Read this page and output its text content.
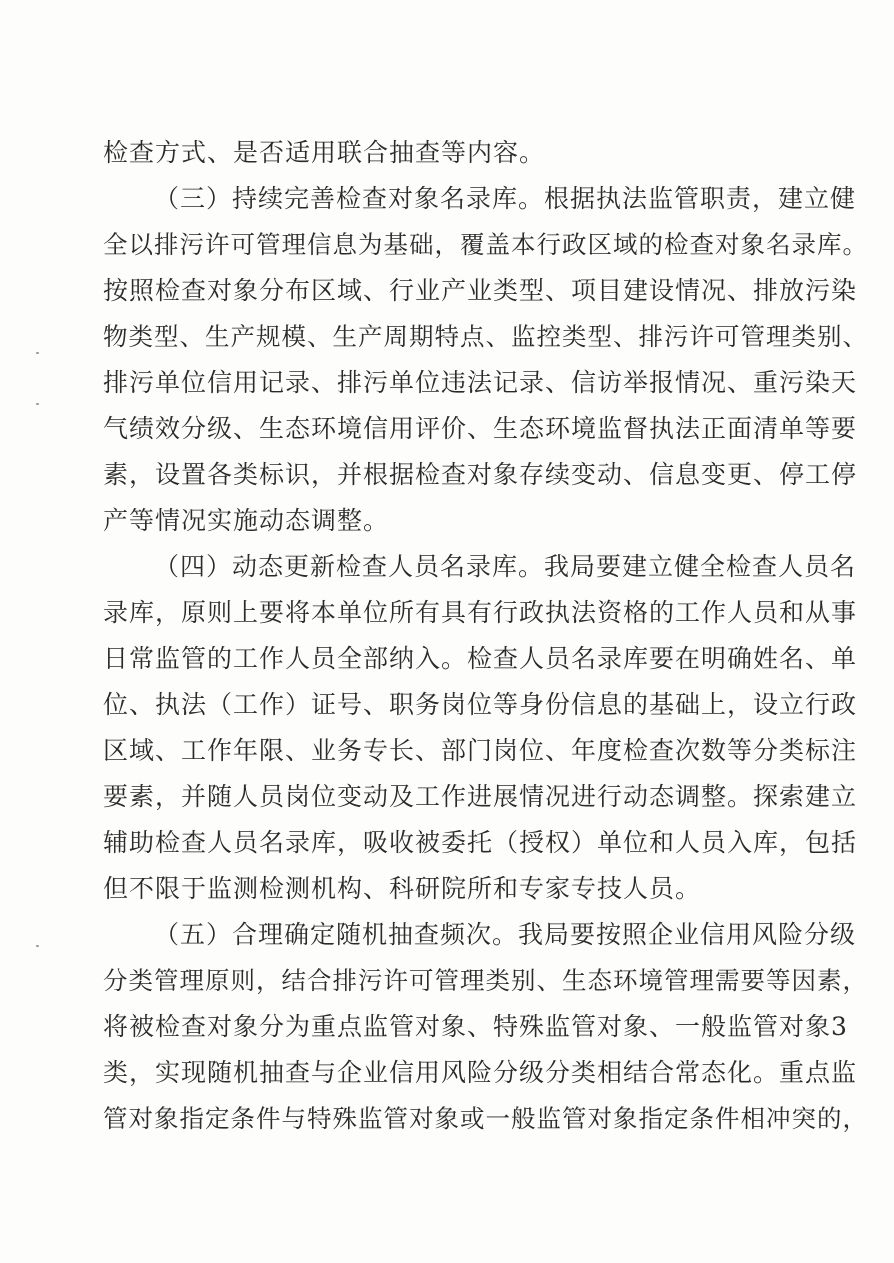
检查方式、是否适用联合抽查等内容。
（三）持续完善检查对象名录库。根据执法监管职责，建立健
全以排污许可管理信息为基础，覆盖本行政区域的检查对象名录库。
按照检查对象分布区域、行业产业类型、项目建设情况、排放污染
物类型、生产规模、生产周期特点、监控类型、排污许可管理类别、
排污单位信用记录、排污单位违法记录、信访举报情况、重污染天
气绩效分级、生态环境信用评价、生态环境监督执法正面清单等要
素，设置各类标识，并根据检查对象存续变动、信息变更、停工停
产等情况实施动态调整。
（四）动态更新检查人员名录库。我局要建立健全检查人员名
录库，原则上要将本单位所有具有行政执法资格的工作人员和从事
日常监管的工作人员全部纳入。检查人员名录库要在明确姓名、单
位、执法（工作）证号、职务岗位等身份信息的基础上，设立行政
区域、工作年限、业务专长、部门岗位、年度检查次数等分类标注
要素，并随人员岗位变动及工作进展情况进行动态调整。探索建立
辅助检查人员名录库，吸收被委托（授权）单位和人员入库，包括
但不限于监测检测机构、科研院所和专家专技人员。
（五）合理确定随机抽查频次。我局要按照企业信用风险分级
分类管理原则，结合排污许可管理类别、生态环境管理需要等因素，
将被检查对象分为重点监管对象、特殊监管对象、一般监管对象3
类，实现随机抽查与企业信用风险分级分类相结合常态化。重点监
管对象指定条件与特殊监管对象或一般监管对象指定条件相冲突的，
